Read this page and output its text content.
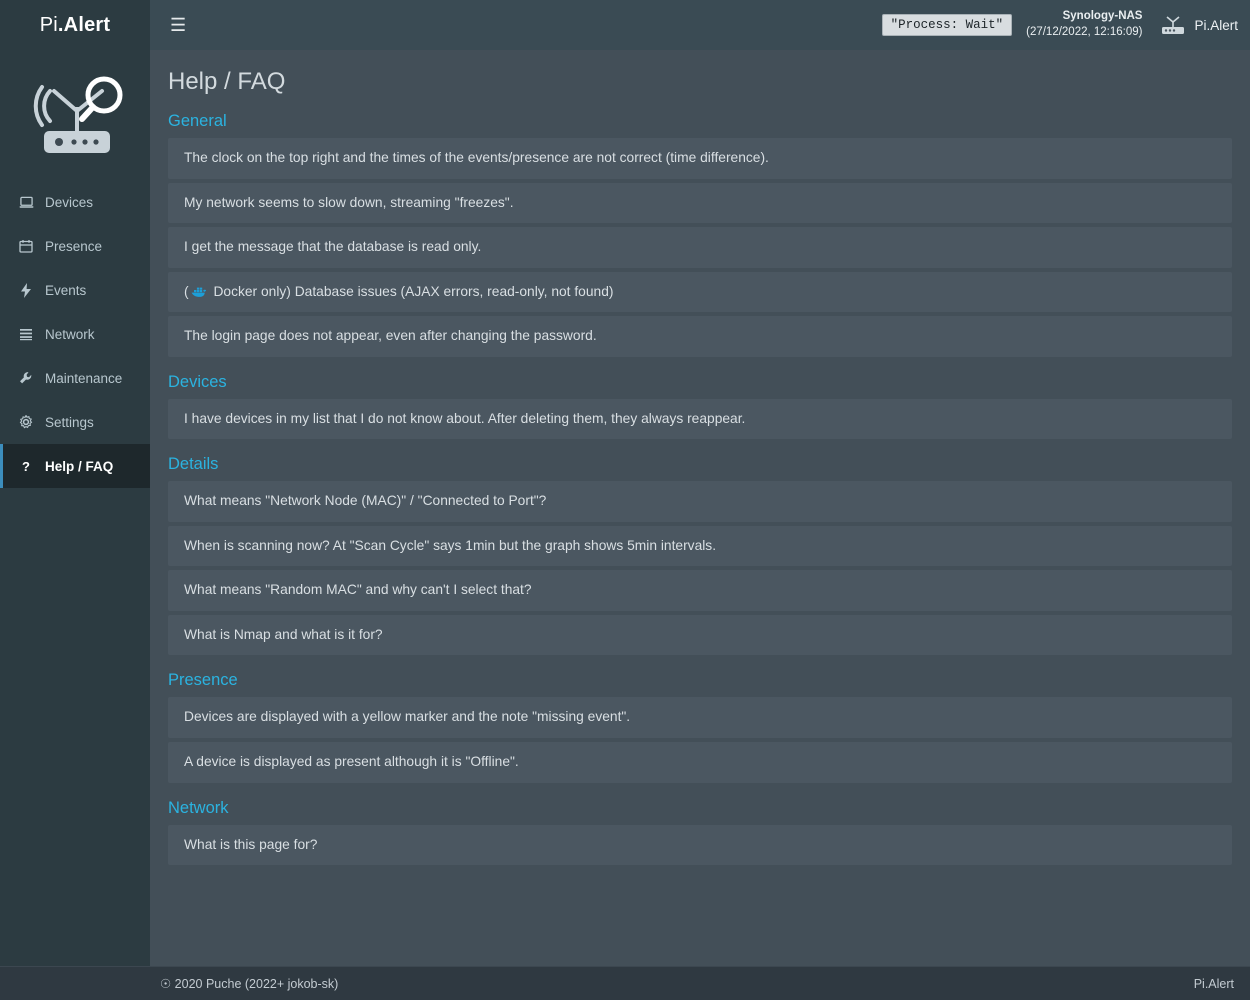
Pi .Alert	☰	"Process: Wait"
Synology-NAS
(27/12/2022, 12:16:09)	Pi.Alert
Devices
Presence
Events
Network
Maintenance
Settings
? Help / FAQ
Help / FAQ
General
The clock on the top right and the times of the events/presence are not correct (time difference).
My network seems to slow down, streaming "freezes".
I get the message that the database is read only.
( Docker only) Database issues (AJAX errors, read-only, not found)
The login page does not appear, even after changing the password.
Devices
I have devices in my list that I do not know about. After deleting them, they always reappear.
Details
What means "Network Node (MAC)" / "Connected to Port"?
When is scanning now? At "Scan Cycle" says 1min but the graph shows 5min intervals.
What means "Random MAC" and why can't I select that?
What is Nmap and what is it for?
Presence
Devices are displayed with a yellow marker and the note "missing event".
A device is displayed as present although it is "Offline".
Network
What is this page for?
☉ 2020 Puche (2022+ jokob-sk)	Pi.Alert
